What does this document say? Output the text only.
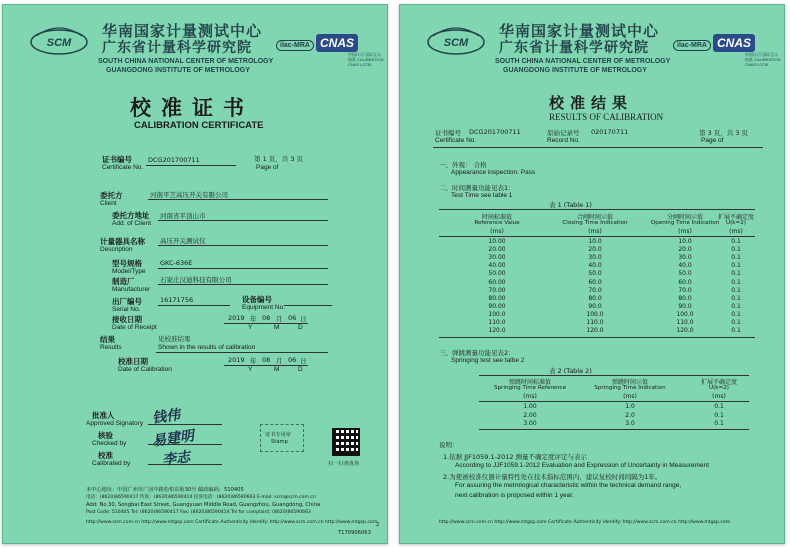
SCM
华南国家计量测试中心
广东省计量科学研究院
SOUTH CHINA NATIONAL CENTER OF METROLOGY
GUANGDONG INSTITUTE OF METROLOGY
ilac-MRA CNAS
中国认可 国际互认 校准 CALIBRATION CNAS L0735
校准证书
CALIBRATION CERTIFICATE
证书编号
Certificate No.
DCG201700711	第 1 页，共 3 页
Page of
委托方
Client
河南平芝高压开关有限公司
委托方地址
Add. of Client
河南省平顶山市
计量器具名称
Description
高压开关测试仪
型号规格
Model/Type
GKC-636E
制造厂
Manufacturer
石家庄汉迪科技有限公司
出厂编号
Serial No.
16171756	设备编号
Equipment No.
接收日期
Date of Receipt
2019 年 08 月 06 日
Y	M	D
结果
Results
见校准结果
Shown in the results of calibration
校准日期
Date of Calibration
2019 年 08 月 06 日
Y	M	D
批准人
Approved Signatory 钱伟
核验
Checked by 易建明
校准
Calibrated by 李志
证书专用章
Stamp
扫一扫查真伪
本中心地址：中国广州市广园中路松柏东街30号 邮政编码：510405
电话：(8620)86590417 传真：(8620)86590414 投诉电话：(8620)86590663 E-mail: scm@scm.com.cn
Add: No.30, Songbai East Street, Guangyuan Middle Road, Guangzhou, Guangdong, China
Post Code: 510405 Tel: (8620)86590417 Fax: (8620)86590414 Tel for complaint: (8620)86590663
http://www.scm.com.cn http://www.mtgsp.com Certificate Authenticity identify: http://www.scm.com.cn http://www.mtgsp.com
T170906063
2
SCM
华南国家计量测试中心
广东省计量科学研究院
SOUTH CHINA NATIONAL CENTER OF METROLOGY
GUANGDONG INSTITUTE OF METROLOGY
ilac-MRA CNAS
中国认可 国际互认 校准 CALIBRATION CNAS L0735
校准结果
RESULTS OF CALIBRATION
证书编号
Certificate No.
DCG201700711	原始记录号
Record No.
020170711	第 3 页，共 3 页
Page of
一、外观： 合格
Appearance inspection: Pass
二、时间测量功能见表1：
Test Time see table 1
表 1 (Table 1)
时间标准值
Reference Value
(ms)
合闸时间示值
Closing Time Indication
(ms)
分闸时间示值
Opening Time Indication
(ms)
扩展不确定度
U(k=2)
(ms)
10.00	10.0	10.0	0.1
20.00	20.0	20.0	0.1
30.00	30.0	30.0	0.1
40.00	40.0	40.0	0.1
50.00	50.0	50.0	0.1
60.00	60.0	60.0	0.1
70.00	70.0	70.0	0.1
80.00	80.0	80.0	0.1
90.00	90.0	90.0	0.1
100.0	100.0	100.0	0.1
110.0	110.0	110.0	0.1
120.0	120.0	120.0	0.1
三、弹跳测量功能见表2：
Springing test see talbe 2
表 2 (Table 2)
弹跳时间标准值
Springing Time Reference
(ms)
弹跳时间示值
Springing Time Indication
(ms)
扩展不确定度
U(k=2)
(ms)
1.00	1.0	0.1
2.00	2.0	0.1
3.00	3.0	0.1
说明：
1.依据 JJF1059.1-2012 测量不确定度评定与表示
According to JJF1059.1-2012 Evaluation and Expression of Uncertainty in Measurement
2.为使被校准仪器计量特性处在技术指标范围内，建议复校时间间隔为1年。
For assuring the metrological characteristic within the technical demand range,
next calibration is proposed within 1 year.
http://www.scm.com.cn http://www.mtgsp.com Certificate Authenticity identify: http://www.scm.com.cn http://www.mtgsp.com
